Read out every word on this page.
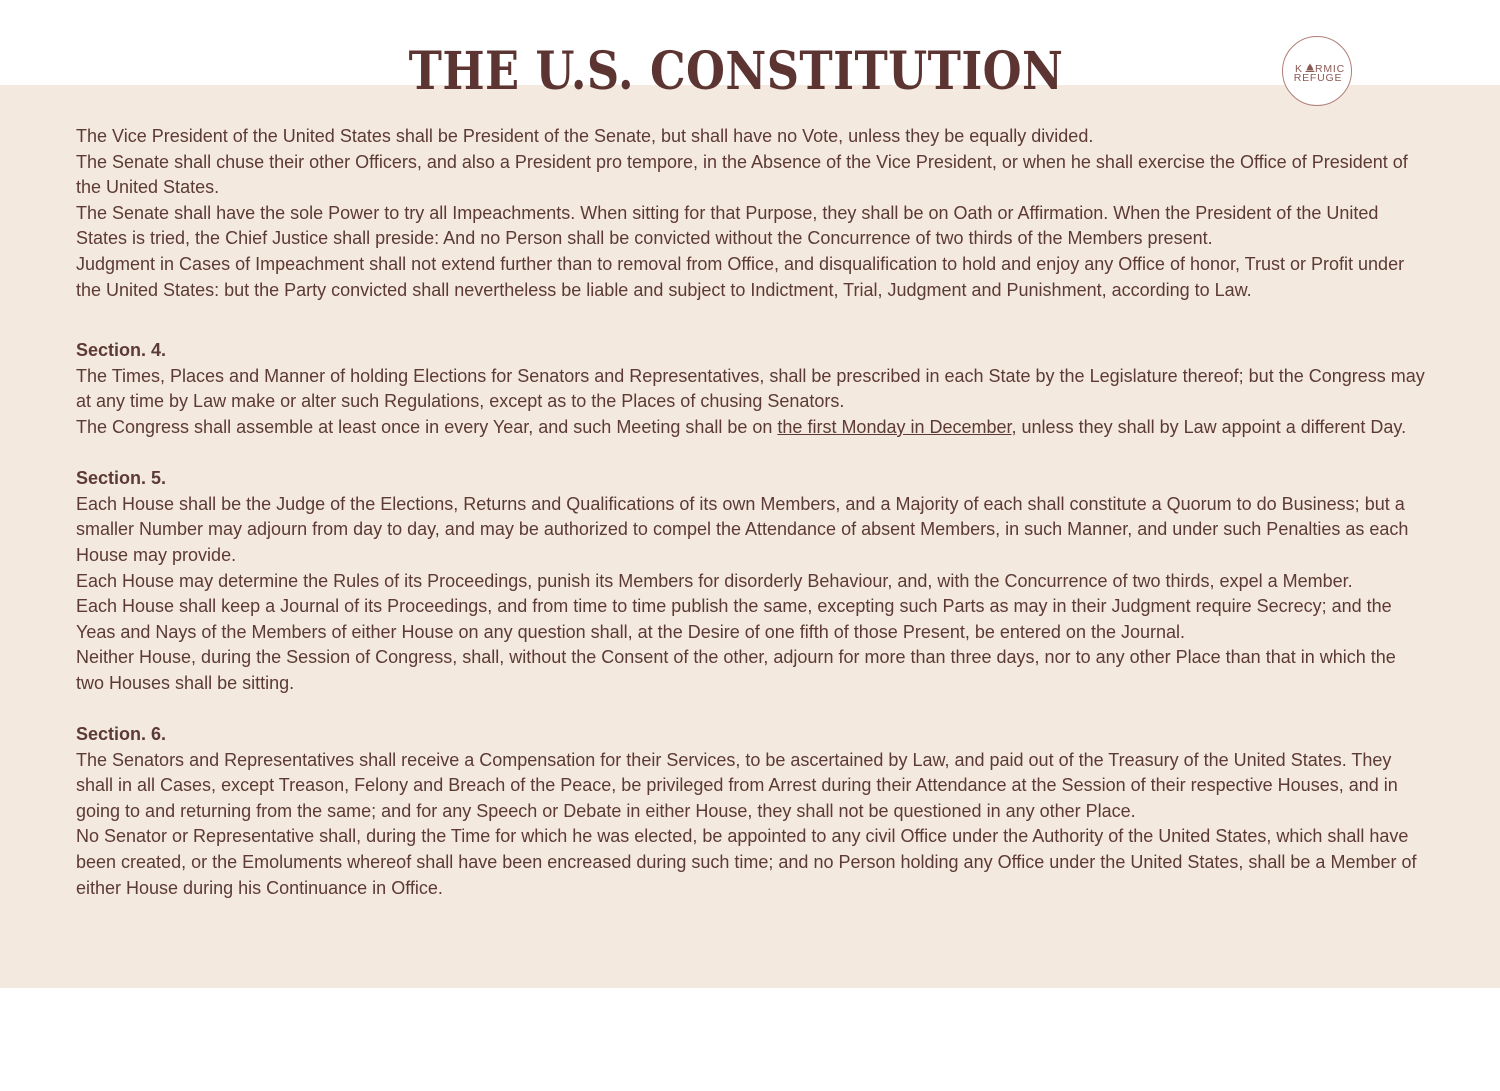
THE U.S. CONSTITUTION	K RMIC
REFUGE

The Vice President of the United States shall be President of the Senate, but shall have no Vote, unless they be equally divided.

The Senate shall chuse their other Officers, and also a President pro tempore, in the Absence of the Vice President, or when he shall exercise the Office of President of the United States.

The Senate shall have the sole Power to try all Impeachments. When sitting for that Purpose, they shall be on Oath or Affirmation. When the President of the United States is tried, the Chief Justice shall preside: And no Person shall be convicted without the Concurrence of two thirds of the Members present.

Judgment in Cases of Impeachment shall not extend further than to removal from Office, and disqualification to hold and enjoy any Office of honor, Trust or Profit under the United States: but the Party convicted shall nevertheless be liable and subject to Indictment, Trial, Judgment and Punishment, according to Law.

Section. 4.

The Times, Places and Manner of holding Elections for Senators and Representatives, shall be prescribed in each State by the Legislature thereof; but the Congress may at any time by Law make or alter such Regulations, except as to the Places of chusing Senators.

The Congress shall assemble at least once in every Year, and such Meeting shall be on the first Monday in December, unless they shall by Law appoint a different Day.

Section. 5.

Each House shall be the Judge of the Elections, Returns and Qualifications of its own Members, and a Majority of each shall constitute a Quorum to do Business; but a smaller Number may adjourn from day to day, and may be authorized to compel the Attendance of absent Members, in such Manner, and under such Penalties as each House may provide.

Each House may determine the Rules of its Proceedings, punish its Members for disorderly Behaviour, and, with the Concurrence of two thirds, expel a Member.

Each House shall keep a Journal of its Proceedings, and from time to time publish the same, excepting such Parts as may in their Judgment require Secrecy; and the Yeas and Nays of the Members of either House on any question shall, at the Desire of one fifth of those Present, be entered on the Journal.

Neither House, during the Session of Congress, shall, without the Consent of the other, adjourn for more than three days, nor to any other Place than that in which the two Houses shall be sitting.

Section. 6.

The Senators and Representatives shall receive a Compensation for their Services, to be ascertained by Law, and paid out of the Treasury of the United States. They shall in all Cases, except Treason, Felony and Breach of the Peace, be privileged from Arrest during their Attendance at the Session of their respective Houses, and in going to and returning from the same; and for any Speech or Debate in either House, they shall not be questioned in any other Place.

No Senator or Representative shall, during the Time for which he was elected, be appointed to any civil Office under the Authority of the United States, which shall have been created, or the Emoluments whereof shall have been encreased during such time; and no Person holding any Office under the United States, shall be a Member of either House during his Continuance in Office.
